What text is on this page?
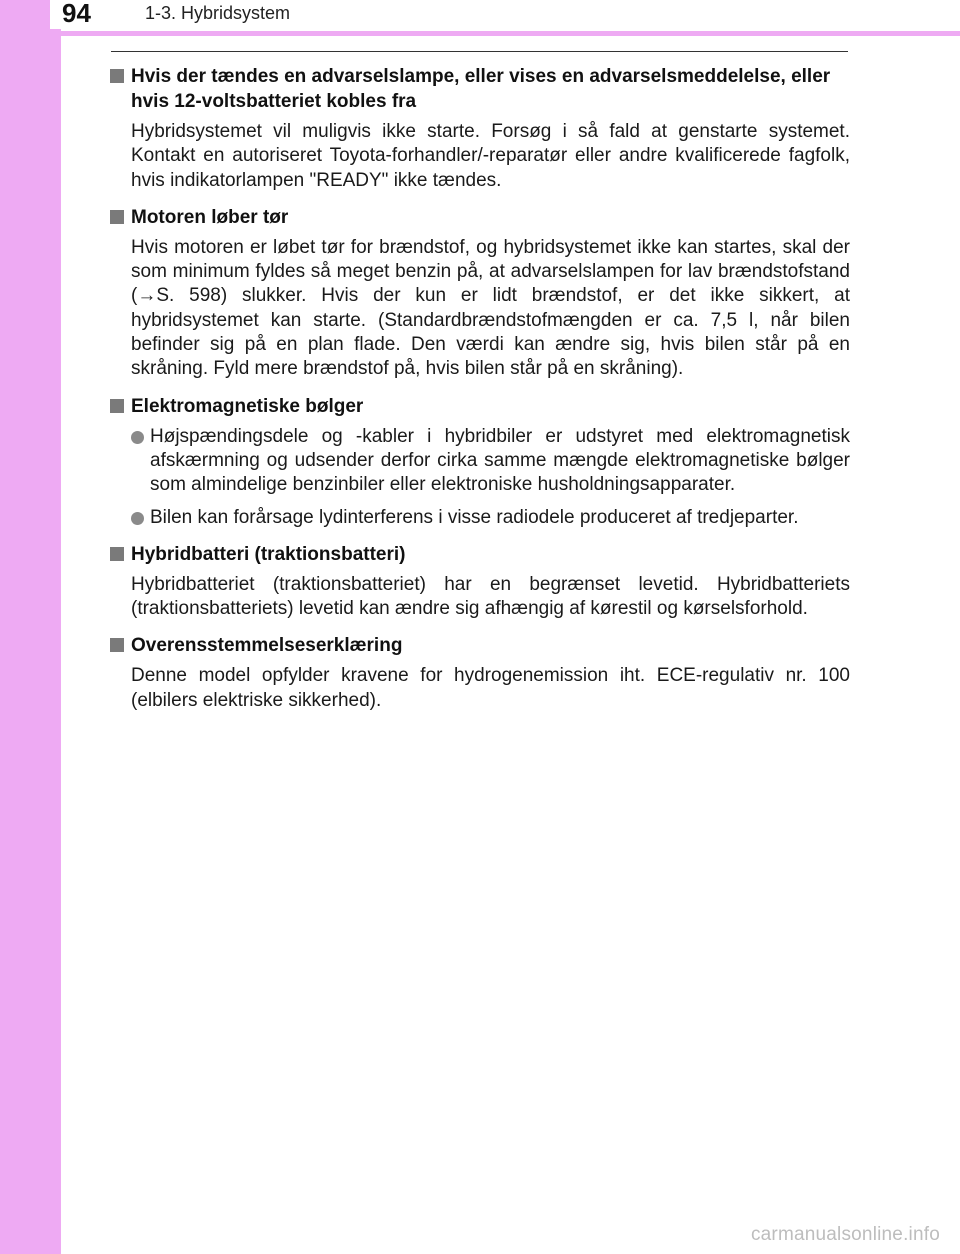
94	1-3. Hybridsystem
Hvis der tændes en advarselslampe, eller vises en advarselsmeddelelse, eller hvis 12-voltsbatteriet kobles fra
Hybridsystemet vil muligvis ikke starte. Forsøg i så fald at genstarte systemet. Kontakt en autoriseret Toyota-forhandler/-reparatør eller andre kvalificerede fagfolk, hvis indikatorlampen "READY" ikke tændes.
Motoren løber tør
Hvis motoren er løbet tør for brændstof, og hybridsystemet ikke kan startes, skal der som minimum fyldes så meget benzin på, at advarselslampen for lav brændstofstand (→S. 598) slukker. Hvis der kun er lidt brændstof, er det ikke sikkert, at hybridsystemet kan starte. (Standardbrændstofmængden er ca. 7,5 l, når bilen befinder sig på en plan flade. Den værdi kan ændre sig, hvis bilen står på en skråning. Fyld mere brændstof på, hvis bilen står på en skråning).
Elektromagnetiske bølger
Højspændingsdele og -kabler i hybridbiler er udstyret med elektromagnetisk afskærmning og udsender derfor cirka samme mængde elektromagnetiske bølger som almindelige benzinbiler eller elektroniske husholdningsapparater.
Bilen kan forårsage lydinterferens i visse radiodele produceret af tredjeparter.
Hybridbatteri (traktionsbatteri)
Hybridbatteriet (traktionsbatteriet) har en begrænset levetid. Hybridbatteriets (traktionsbatteriets) levetid kan ændre sig afhængig af kørestil og kørselsforhold.
Overensstemmelseserklæring
Denne model opfylder kravene for hydrogenemission iht. ECE-regulativ nr. 100 (elbilers elektriske sikkerhed).
carmanualsonline.info
